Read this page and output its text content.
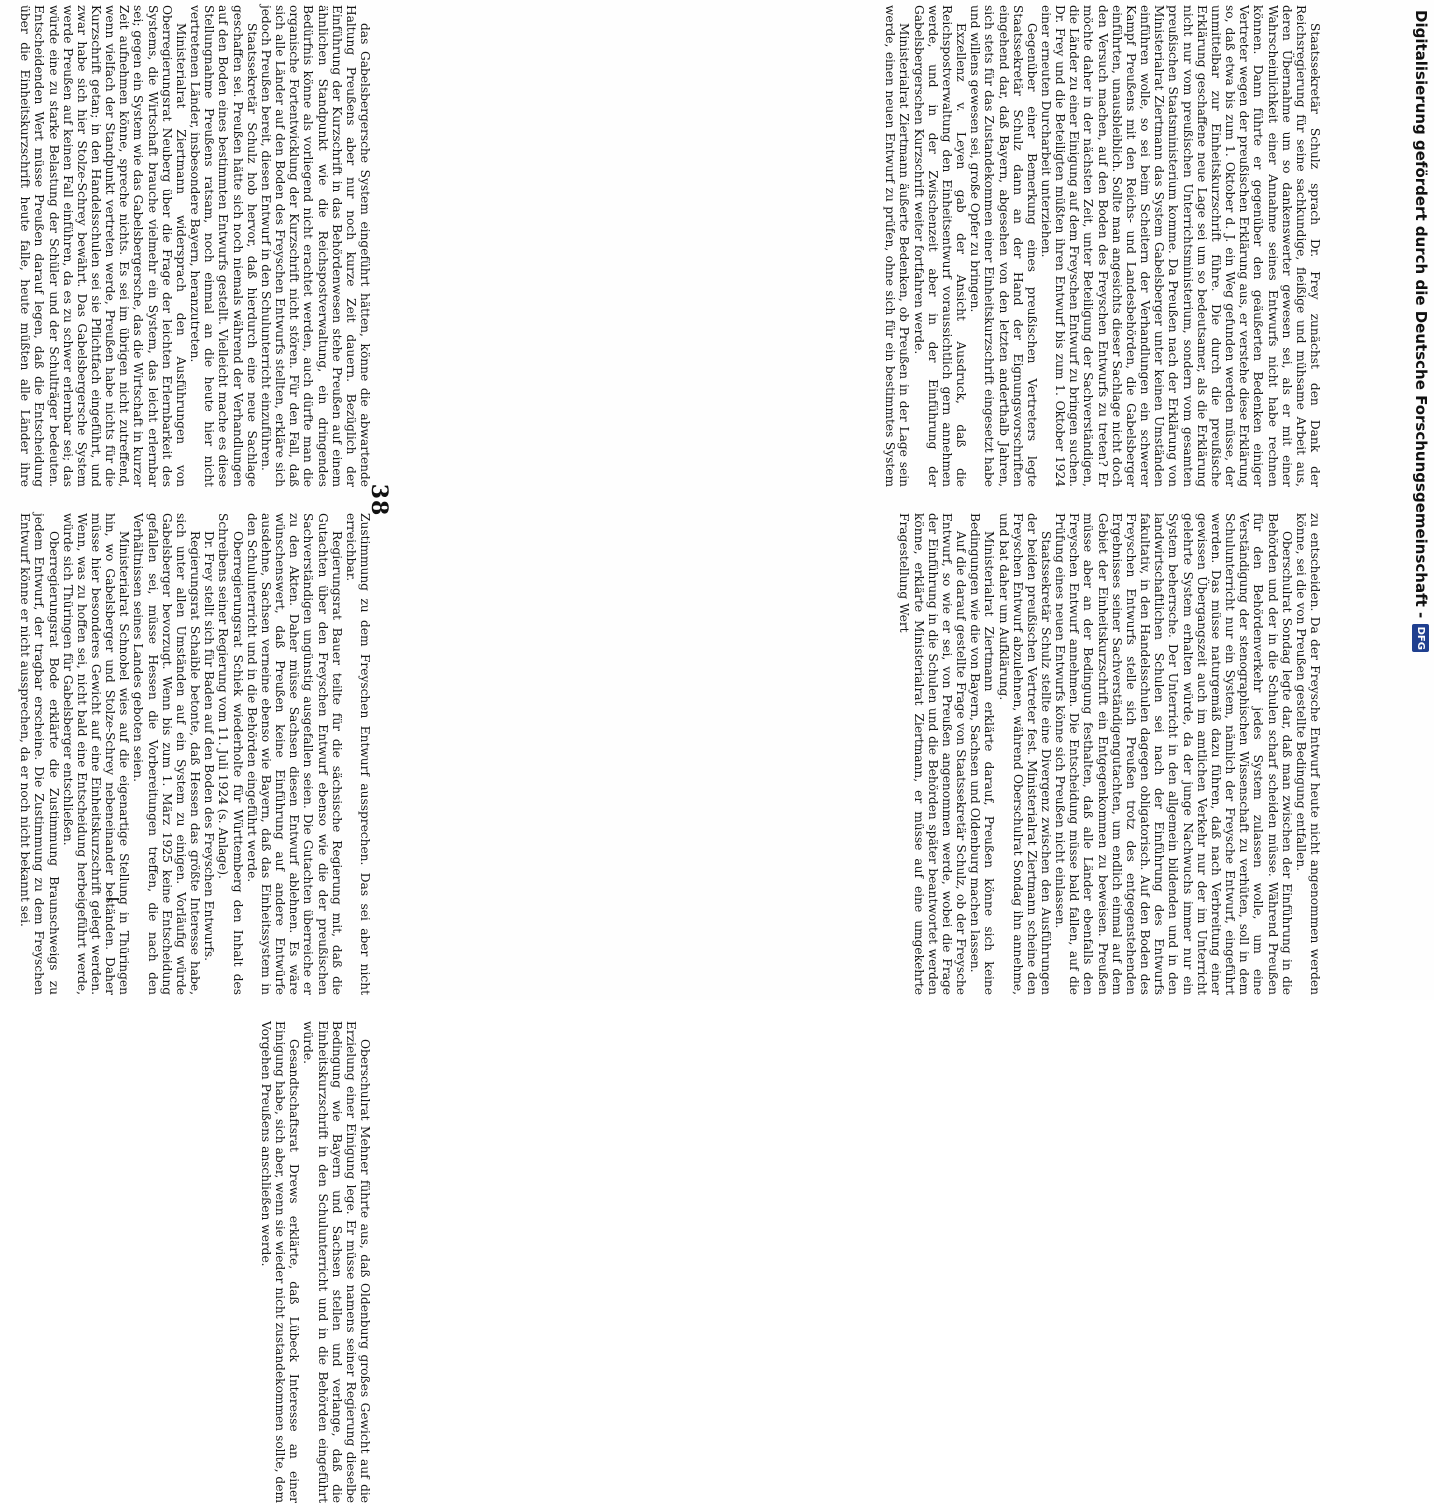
Digitalisierung gefördert durch die Deutsche Forschungsgemeinschaft -
DFG
38

das Gabelsbergersche System eingeführt hätten, könne die abwartende Haltung Preußens aber nur noch kurze Zeit dauern. Bezüglich der Einführung der Kurzschrift in das Behördenwesen stehe Preußen auf einem ähnlichen Standpunkt wie die Reichspostverwaltung, ein dringendes Bedürfnis könne als vorliegend nicht erachtet werden, auch dürfte man die organische Fortentwicklung der Kurzschrift nicht stören. Für den Fall, daß sich alle Länder auf den Boden des Freyschen Entwurfs stellten, erkläre sich jedoch Preußen bereit, diesen Entwurf in den Schulunterricht einzuführen.

Staatssekretär Schulz hob hervor, daß hierdurch eine neue Sachlage geschaffen sei. Preußen hätte sich noch niemals während der Verhandlungen auf den Boden eines bestimmten Entwurfs gestellt. Vielleicht mache es diese Stellungnahme Preußens ratsam, noch einmal an die heute hier nicht vertretenen Länder, insbesondere Bayern, heranzutreten.

Ministerialrat Ziertmann widersprach den Ausführungen von Oberregierungsrat Neuberg über die Frage der leichten Erlernbarkeit des Systems, die Wirtschaft brauche vielmehr ein System, das leicht erlernbar sei; gegen ein System wie das Gabelsbergersche, das die Wirtschaft in kurzer Zeit aufnehmen könne, spreche nichts. Es sei im übrigen nicht zutreffend, wenn vielfach der Standpunkt vertreten werde, Preußen habe nichts für die Kurzschrift getan; in den Handelsschulen sei sie Pflichtfach eingeführt, und zwar habe sich hier Stolze-Schrey bewährt. Das Gabelsbergersche System werde Preußen auf keinen Fall einführen, da es zu schwer erlernbar sei; das würde eine zu starke Belastung der Schüler und der Schulträger bedeuten. Entscheidenden Wert müsse Preußen darauf legen, daß die Entscheidung über die Einheitskurzschrift heute falle, heute müßten alle Länder ihre Zustimmung zu dem Freyschen Entwurf aussprechen. Das sei aber nicht erreichbar.

Regierungsrat Bauer teilte für die sächsische Regierung mit, daß die Gutachten über den Freyschen Entwurf ebenso wie die der preußischen Sachverständigen ungünstig ausgefallen seien. Die Gutachten überreiche er zu den Akten. Daher müsse Sachsen diesen Entwurf ablehnen. Es wäre wünschenswert, daß Preußen keine Einführung auf andere Entwürfe ausdehne, Sachsen verneine ebenso wie Bayern, daß das Einheitssystem in den Schulunterricht und in die Behörden eingeführt werde.

Oberregierungsrat Schiek wiederholte für Württemberg den Inhalt des Schreibens seiner Regierung vom 11. Juli 1924 (s. Anlage).

Dr. Frey stellt sich für Baden auf den Boden des Freyschen Entwurfs.

Regierungsrat Schaible betonte, daß Hessen das größte Interesse habe, sich unter allen Umständen auf ein System zu einigen. Vorläufig würde Gabelsberger bevorzugt. Wenn bis zum 1. März 1925 keine Entscheidung gefallen sei, müsse Hessen die Vorbereitungen treffen, die nach den Verhältnissen seines Landes geboten seien.

Ministerialrat Schnobel wies auf die eigenartige Stellung in Thüringen hin, wo Gabelsberger und Stolze-Schrey nebeneinander beständen. Daher müsse hier besonderes Gewicht auf eine Einheitskurzschrift gelegt werden. Wenn, was zu hoffen sei, nicht bald eine Entscheidung herbeigeführt werde, würde sich Thüringen für Gabelsberger entschließen.

Oberregierungsrat Bode erklärte die Zustimmung Braunschweigs zu jedem Entwurf, der tragbar erscheine. Die Zustimmung zu dem Freyschen Entwurf könne er nicht aussprechen, da er noch nicht bekannt sei.

Oberschulrat Mehner führte aus, daß Oldenburg großes Gewicht auf die Erzielung einer Einigung lege. Er müsse namens seiner Regierung dieselbe Bedingung wie Bayern und Sachsen stellen und verlange, daß die Einheitskurzschrift in den Schulunterricht und in die Behörden eingeführt würde.

Gesandtschaftsrat Drews erklärte, daß Lübeck Interesse an einer Einigung habe, sich aber, wenn sie wieder nicht zustandekommen sollte, dem Vorgehen Preußens anschließen werde.

Staatssekretär Schulz sprach Dr. Frey zunächst den Dank der Reichsregierung für seine sachkundige, fleißige und mühsame Arbeit aus, deren Übernahme um so dankenswerter gewesen sei, als er mit einer Wahrscheinlichkeit einer Annahme seines Entwurfs nicht habe rechnen können. Dann führte er gegenüber den geäußerten Bedenken einiger Vertreter wegen der preußischen Erklärung aus, er verstehe diese Erklärung so, daß etwa bis zum 1. Oktober d. J. ein Weg gefunden werden müsse, der unmittelbar zur Einheitskurzschrift führe. Die durch die preußische Erklärung geschaffene neue Lage sei um so bedeutsamer, als die Erklärung nicht nur vom preußischen Unterrichtsministerium, sondern vom gesamten preußischen Staatsministerium komme. Da Preußen nach der Erklärung von Ministerialrat Ziertmann das System Gabelsberger unter keinen Umständen einführen wolle, so sei beim Scheitern der Verhandlungen ein schwerer Kampf Preußens mit den Reichs- und Landesbehörden, die Gabelsberger einführten, unausbleiblich. Sollte man angesichts dieser Sachlage nicht doch den Versuch machen, auf den Boden des Freyschen Entwurfs zu treten? Er möchte daher in der nächsten Zeit, unter Beteiligung der Sachverständigen, die Länder zu einer Einigung auf dem Freyschen Entwurf zu bringen suchen. Dr. Frey und die Beteiligten müßten ihren Entwurf bis zum 1. Oktober 1924 einer erneuten Durcharbeit unterziehen.

Gegenüber einer Bemerkung eines preußischen Vertreters legte Staatssekretär Schulz dann an der Hand der Eignungsvorschriften eingehend dar, daß Bayern, abgesehen von den letzten anderthalb Jahren, sich stets für das Zustandekommen einer Einheitskurzschrift eingesetzt habe und willens gewesen sei, große Opfer zu bringen.

Exzellenz v. Leyen gab der Ansicht Ausdruck, daß die Reichspostverwaltung den Einheitsentwurf voraussichtlich gern annehmen werde, und in der Zwischenzeit aber in der Einführung der Gabelsbergerschen Kurzschrift weiter fortfahren werde.

Ministerialrat Ziertmann äußerte Bedenken, ob Preußen in der Lage sein werde, einen neuen Entwurf zu prüfen, ohne sich für ein bestimmtes System zu entscheiden. Da der Freysche Entwurf heute nicht angenommen werden könne, sei die von Preußen gestellte Bedingung entfallen.

Oberschulrat Sondag legte dar, daß man zwischen der Einführung in die Behörden und der in die Schulen scharf scheiden müsse. Während Preußen für den Behördenverkehr jedes System zulassen wolle, um eine Verständigung der stenographischen Wissenschaft zu verhüten, soll in dem Schulunterricht nur ein System, nämlich der Freysche Entwurf, eingeführt werden. Das müsse naturgemäß dazu führen, daß nach Verbreitung einer gewissen Übergangszeit auch im amtlichen Verkehr nur der im Unterricht gelehrte System erhalten würde, da der junge Nachwuchs immer nur ein System beherrsche. Der Unterricht in den allgemein bildenden und in den landwirtschaftlichen Schulen sei nach der Einführung des Entwurfs fakultativ, in den Handelsschulen dagegen obligatorisch. Auf den Boden des Freyschen Entwurfs stelle sich Preußen trotz des entgegenstehenden Ergebnisses seiner Sachverständigengutachten, um endlich einmal auf dem Gebiet der Einheitskurzschrift ein Entgegenkommen zu beweisen. Preußen müsse aber an der Bedingung festhalten, daß alle Länder ebenfalls den Freyschen Entwurf annehmen. Die Entscheidung müsse bald fallen, auf die Prüfung eines neuen Entwurfs könne sich Preußen nicht einlassen.

Staatssekretär Schulz stellte eine Divergenz zwischen den Ausführungen der beiden preußischen Vertreter fest. Ministerialrat Ziertmann scheine den Freyschen Entwurf abzulehnen, während Oberschulrat Sondag ihn annehme, und bat daher um Aufklärung.

Ministerialrat Ziertmann erklärte darauf, Preußen könne sich keine Bedingungen wie die von Bayern, Sachsen und Oldenburg machen lassen.

Auf die darauf gestellte Frage von Staatssekretär Schulz, ob der Freysche Entwurf, so wie er sei, von Preußen angenommen werde, wobei die Frage der Einführung in die Schulen und die Behörden später beantwortet werden könne, erklärte Ministerialrat Ziertmann, er müsse auf eine umgekehrte Fragestellung Wert
